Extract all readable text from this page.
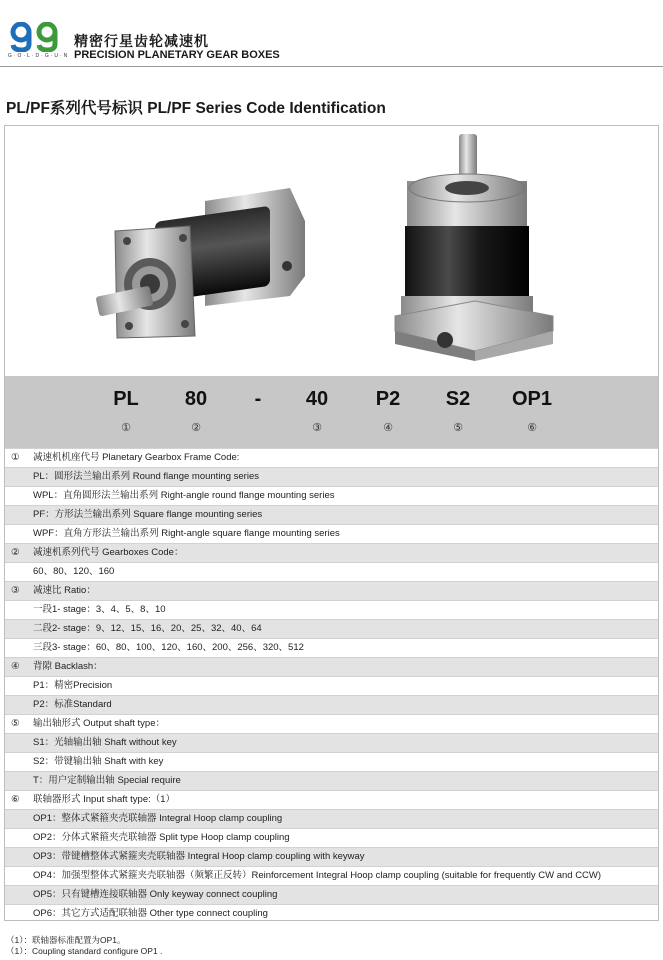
G·O·L·D·G·U·N
精密行星齿轮减速机
PRECISION PLANETARY GEAR BOXES
PL/PF系列代号标识 PL/PF Series Code Identification
PL
①
80
②
-	40
③
P2
④
S2
⑤
OP1
⑥
① 减速机机座代号 Planetary Gearbox Frame Code:
PL：圆形法兰输出系列 Round flange mounting series
WPL：直角圆形法兰输出系列 Right-angle round flange mounting series
PF：方形法兰输出系列 Square flange mounting series
WPF：直角方形法兰输出系列 Right-angle square flange mounting series
② 减速机系列代号 Gearboxes Code：
60、80、120、160
③ 减速比 Ratio：
一段1- stage：3、4、5、8、10
二段2- stage：9、12、15、16、20、25、32、40、64
三段3- stage：60、80、100、120、160、200、256、320、512
④ 背隙 Backlash：
P1：精密Precision
P2：标准Standard
⑤ 输出轴形式 Output shaft type：
S1：光轴输出轴 Shaft without key
S2：带键输出轴 Shaft with key
T：用户定制输出轴 Special require
⑥ 联轴器形式 Input shaft type:（1）
OP1：整体式紧箍夹壳联轴器 Integral Hoop clamp coupling
OP2：分体式紧箍夹壳联轴器 Split type Hoop clamp coupling
OP3：带键槽整体式紧箍夹壳联轴器 Integral Hoop clamp coupling with keyway
OP4：加强型整体式紧箍夹壳联轴器（频繁正反转）Reinforcement Integral Hoop clamp coupling (suitable for frequently CW and CCW)
OP5：只有键槽连接联轴器 Only keyway connect coupling
OP6：其它方式适配联轴器 Other type connect coupling
（1）：联轴器标准配置为OP1。
（1）：Coupling standard configure OP1 .
